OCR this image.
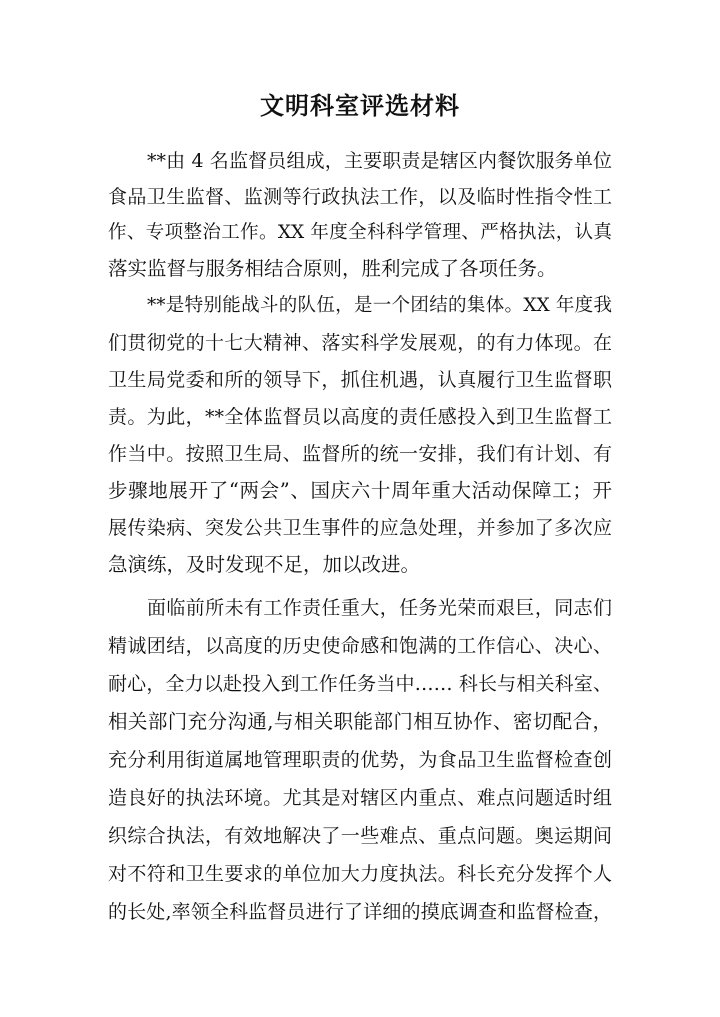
文明科室评选材料
**由 4 名监督员组成，主要职责是辖区内餐饮服务单位
食品卫生监督、监测等行政执法工作，以及临时性指令性工
作、专项整治工作。XX 年度全科科学管理、严格执法，认真
落实监督与服务相结合原则，胜利完成了各项任务。
**是特别能战斗的队伍，是一个团结的集体。XX 年度我
们贯彻党的十七大精神、落实科学发展观，的有力体现。在
卫生局党委和所的领导下，抓住机遇，认真履行卫生监督职
责。为此，**全体监督员以高度的责任感投入到卫生监督工
作当中。按照卫生局、监督所的统一安排，我们有计划、有
步骤地展开了“两会”、国庆六十周年重大活动保障工；开
展传染病、突发公共卫生事件的应急处理，并参加了多次应
急演练，及时发现不足，加以改进。
面临前所未有工作责任重大，任务光荣而艰巨，同志们
精诚团结，以高度的历史使命感和饱满的工作信心、决心、
耐心，全力以赴投入到工作任务当中…… 科长与相关科室、
相关部门充分沟通,与相关职能部门相互协作、密切配合，
充分利用街道属地管理职责的优势，为食品卫生监督检查创
造良好的执法环境。尤其是对辖区内重点、难点问题适时组
织综合执法，有效地解决了一些难点、重点问题。奥运期间
对不符和卫生要求的单位加大力度执法。科长充分发挥个人
的长处,率领全科监督员进行了详细的摸底调查和监督检查，
